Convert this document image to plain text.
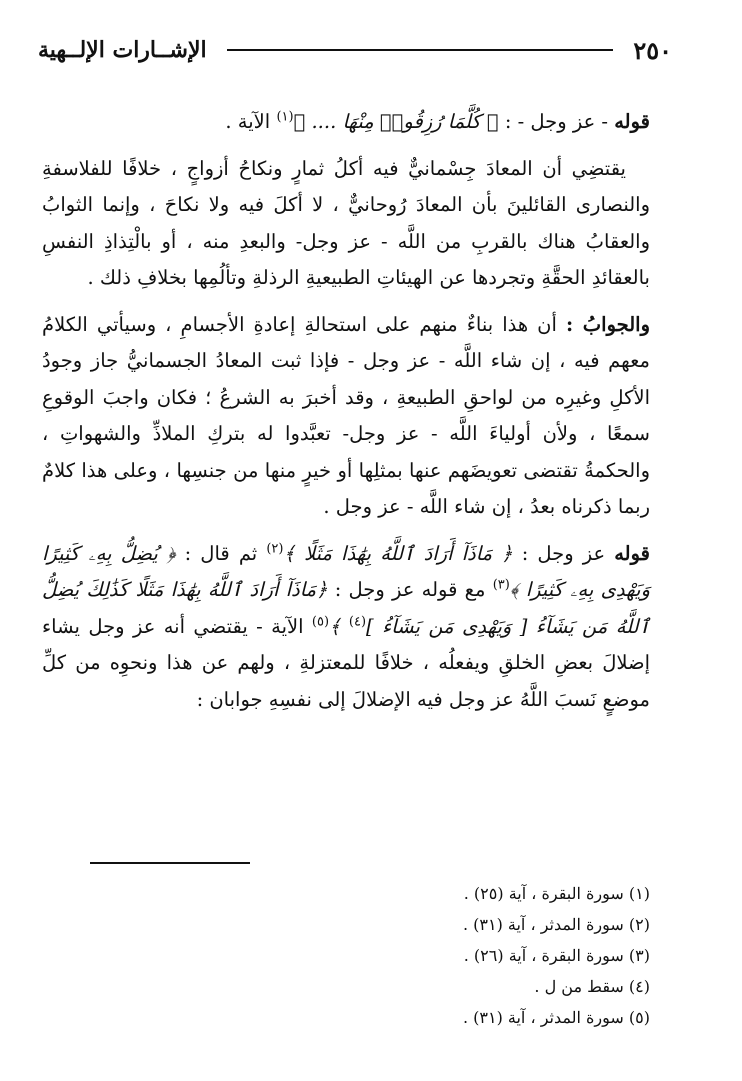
٢٥٠
الإشــارات الإلــهية

قوله - عز وجل - : ﴿ كُلَّمَا رُزِقُوا۟ مِنْهَا .... ﴾$^{(١)}$ الآية .

يقتضِي أن المعادَ جِسْمانيٌّ فيه أكلُ ثمارٍ ونكاحُ أزواجٍ ، خلافًا للفلاسفةِ والنصارى القائلينَ بأن المعادَ رُوحانيٌّ ، لا أكلَ فيه ولا نكاحَ ، وإنما الثوابُ والعقابُ هناك بالقربِ من اللَّه - عز وجل- والبعدِ منه ، أو بالْتِذاذِ النفسِ بالعقائدِ الحقَّةِ وتجردها عن الهيئاتِ الطبيعيةِ الرذلةِ وتألُمِها بخلافِ ذلك .

والجوابُ : أن هذا بناءٌ منهم على استحالةِ إعادةِ الأجسامِ ، وسيأتي الكلامُ معهم فيه ، إن شاء اللَّه - عز وجل - فإذا ثبت المعادُ الجسمانيُّ جاز وجودُ الأكلِ وغيرِه من لواحقِ الطبيعةِ ، وقد أخبرَ به الشرعُ ؛ فكان واجبَ الوقوعِ سمعًا ، ولأن أولياءَ اللَّه - عز وجل- تعبَّدوا له بتركِ الملاذِّ والشهواتِ ، والحكمةُ تقتضى تعويضَهم عنها بمثلِها أو خيرٍ منها من جنسِها ، وعلى هذا كلامٌ ربما ذكرناه بعدُ ، إن شاء اللَّه - عز وجل .

قوله عز وجل : ﴿ مَاذَآ أَرَادَ ٱللَّهُ بِهَٰذَا مَثَلًا ﴾$^{(٢)}$ ثم قال : ﴿ يُضِلُّ بِهِۦ كَثِيرًا وَيَهْدِى بِهِۦ كَثِيرًا ﴾$^{(٣)}$ مع قوله عز وجل : ﴿مَاذَآ أَرَادَ ٱللَّهُ بِهَٰذَا مَثَلًا كَذَٰلِكَ يُضِلُّ ٱللَّهُ مَن يَشَآءُ [ وَيَهْدِى مَن يَشَآءُ ]$^{(٤)}$ ﴾$^{(٥)}$ الآية - يقتضي أنه عز وجل يشاء إضلالَ بعضِ الخلقِ ويفعلُه ، خلافًا للمعتزلةِ ، ولهم عن هذا ونحوِه من كلِّ موضعٍ نَسبَ اللَّهُ عز وجل فيه الإضلالَ إلى نفسِهِ جوابان :

(١) سورة البقرة ، آية (٢٥) .
(٢) سورة المدثر ، آية (٣١) .
(٣) سورة البقرة ، آية (٢٦) .
(٤) سقط من ل .
(٥) سورة المدثر ، آية (٣١) .
